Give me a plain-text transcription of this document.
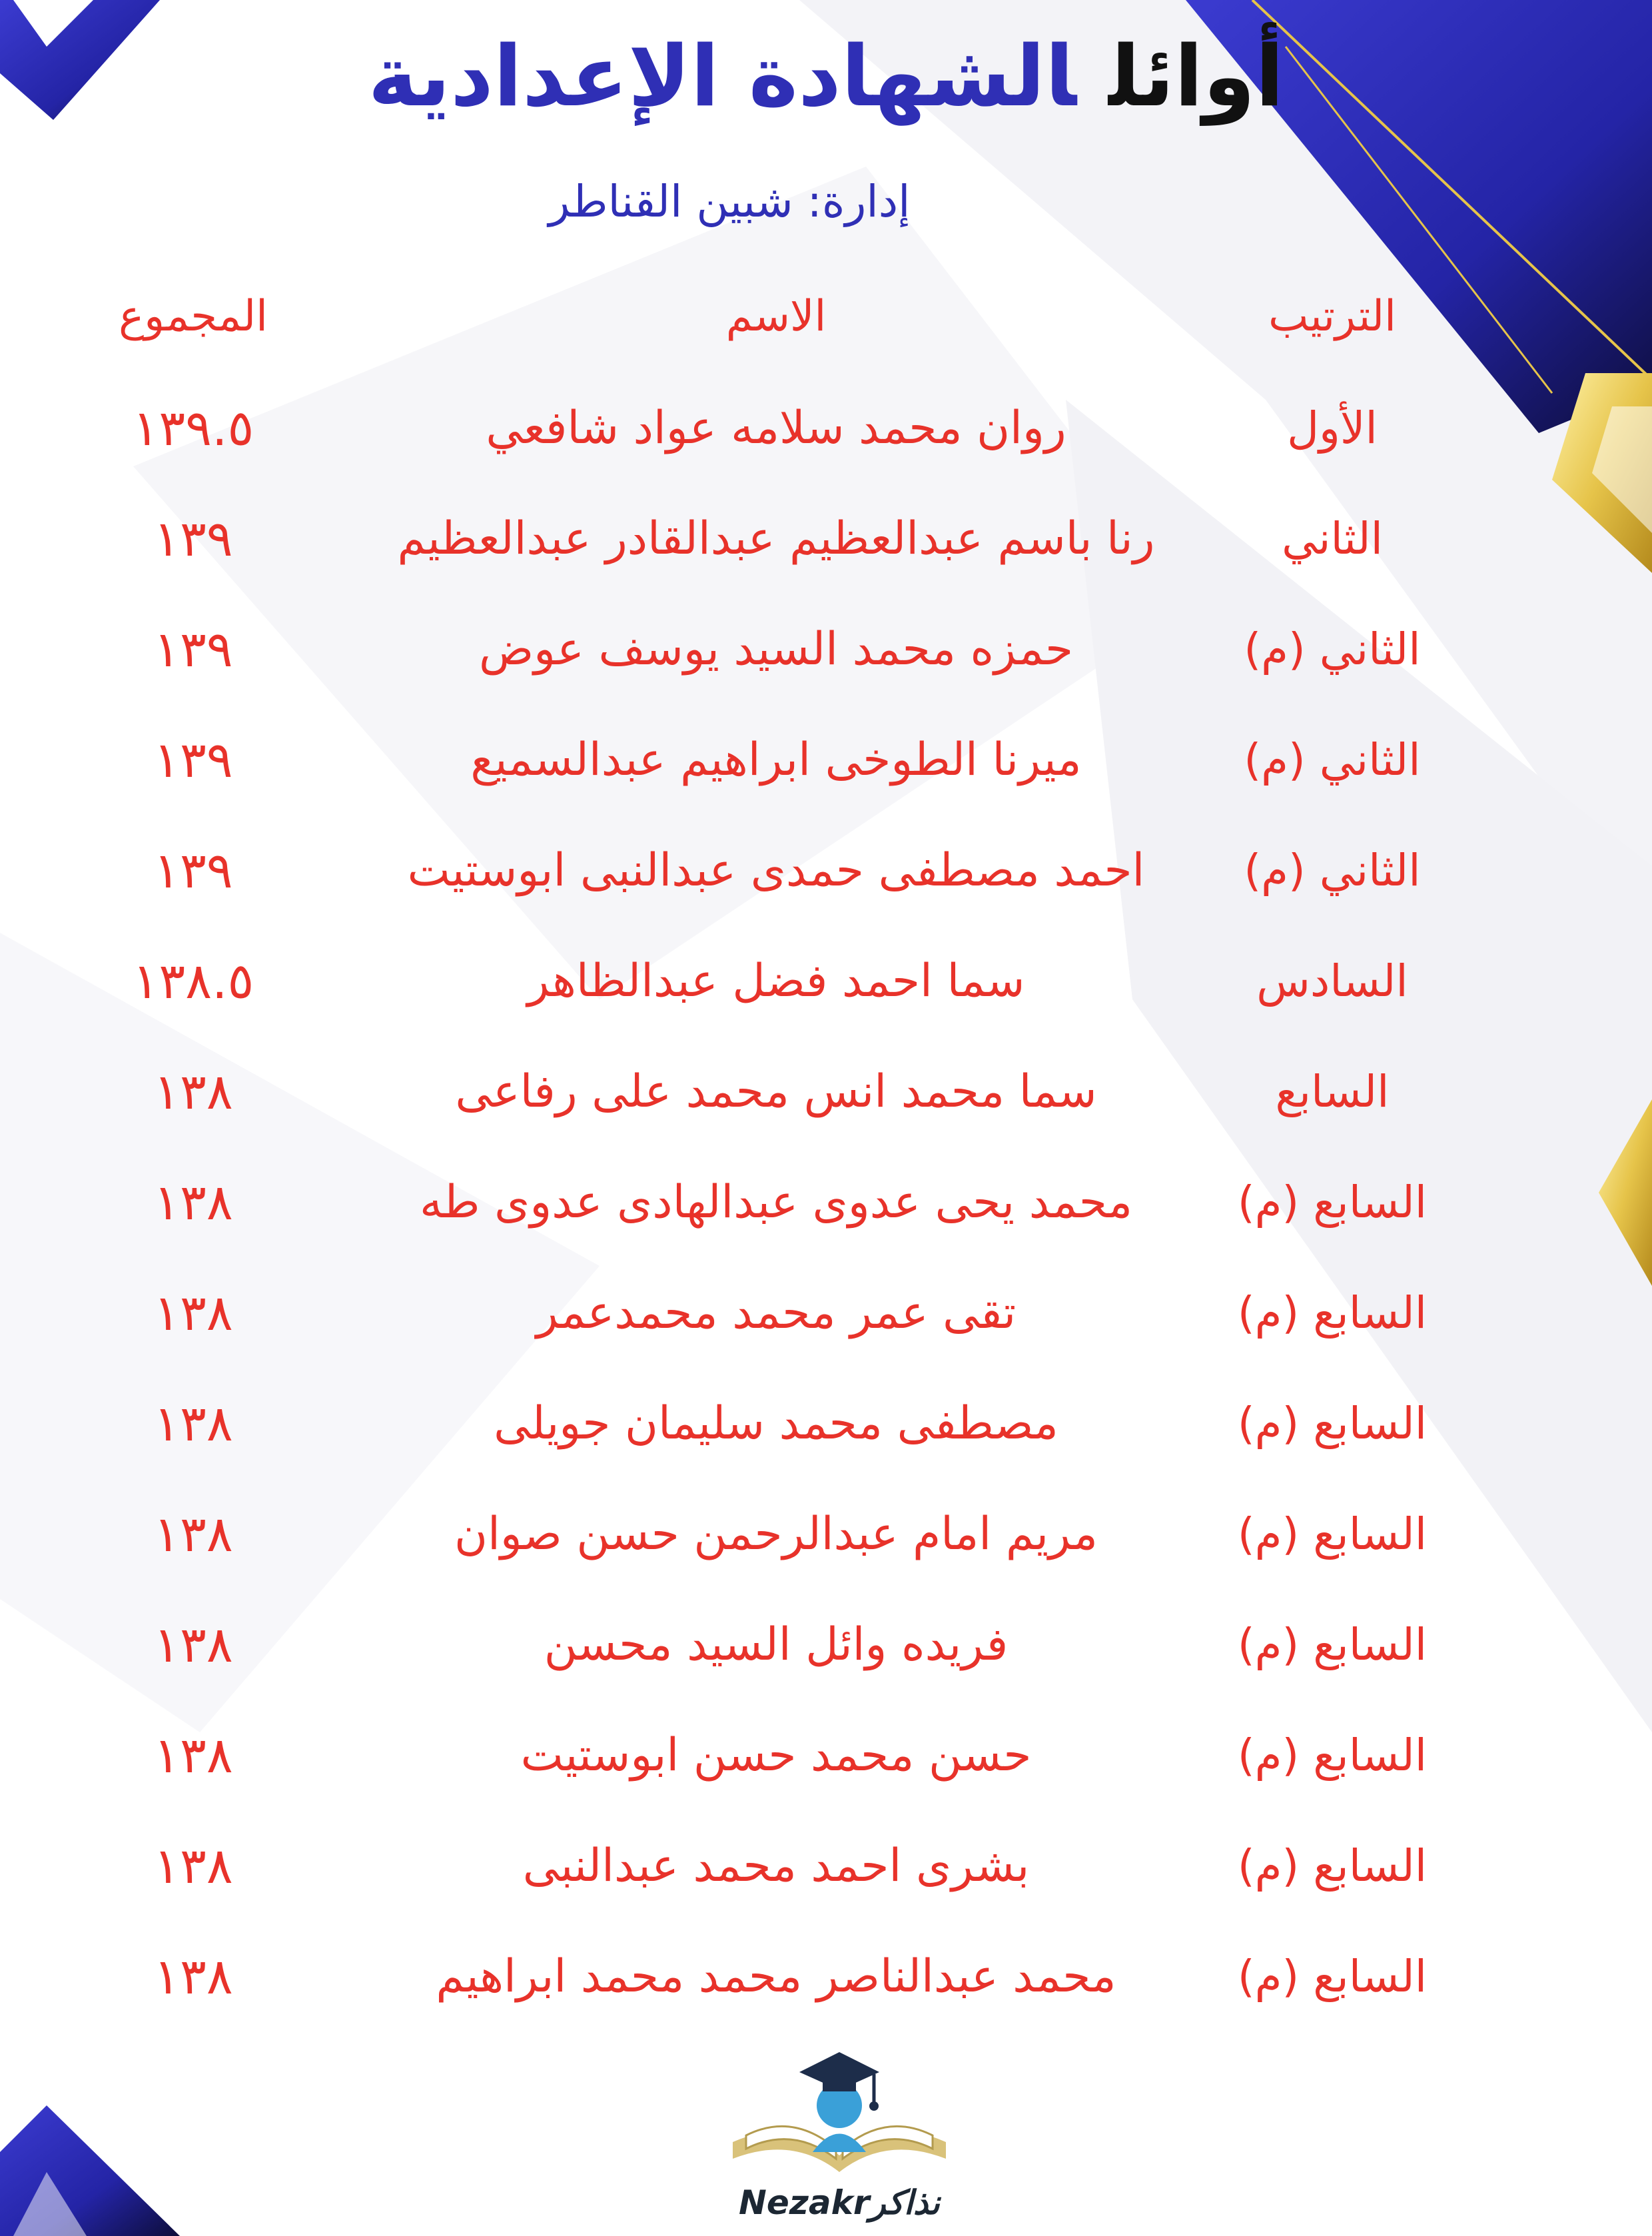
أوائلالشهادة الإعدادية
إدارة: شبين القناطر
الترتيب
الاسم
المجموع
الأول
روان محمد سلامه عواد شافعي
١٣٩.٥
الثاني
رنا باسم عبدالعظيم عبدالقادر عبدالعظيم
١٣٩
الثاني (م)
حمزه محمد السيد يوسف عوض
١٣٩
الثاني (م)
ميرنا الطوخى ابراهيم عبدالسميع
١٣٩
الثاني (م)
احمد مصطفى حمدى عبدالنبى ابوستيت
١٣٩
السادس
سما احمد فضل عبدالظاهر
١٣٨.٥
السابع
سما محمد انس محمد على رفاعى
١٣٨
السابع (م)
محمد يحى عدوى عبدالهادى عدوى طه
١٣٨
السابع (م)
تقى عمر محمد محمدعمر
١٣٨
السابع (م)
مصطفى محمد سليمان جويلى
١٣٨
السابع (م)
مريم امام عبدالرحمن حسن صوان
١٣٨
السابع (م)
فريده وائل السيد محسن
١٣٨
السابع (م)
حسن محمد حسن ابوستيت
١٣٨
السابع (م)
بشرى احمد محمد عبدالنبى
١٣٨
السابع (م)
محمد عبدالناصر محمد محمد ابراهيم
١٣٨
Nezakrنذاكر
